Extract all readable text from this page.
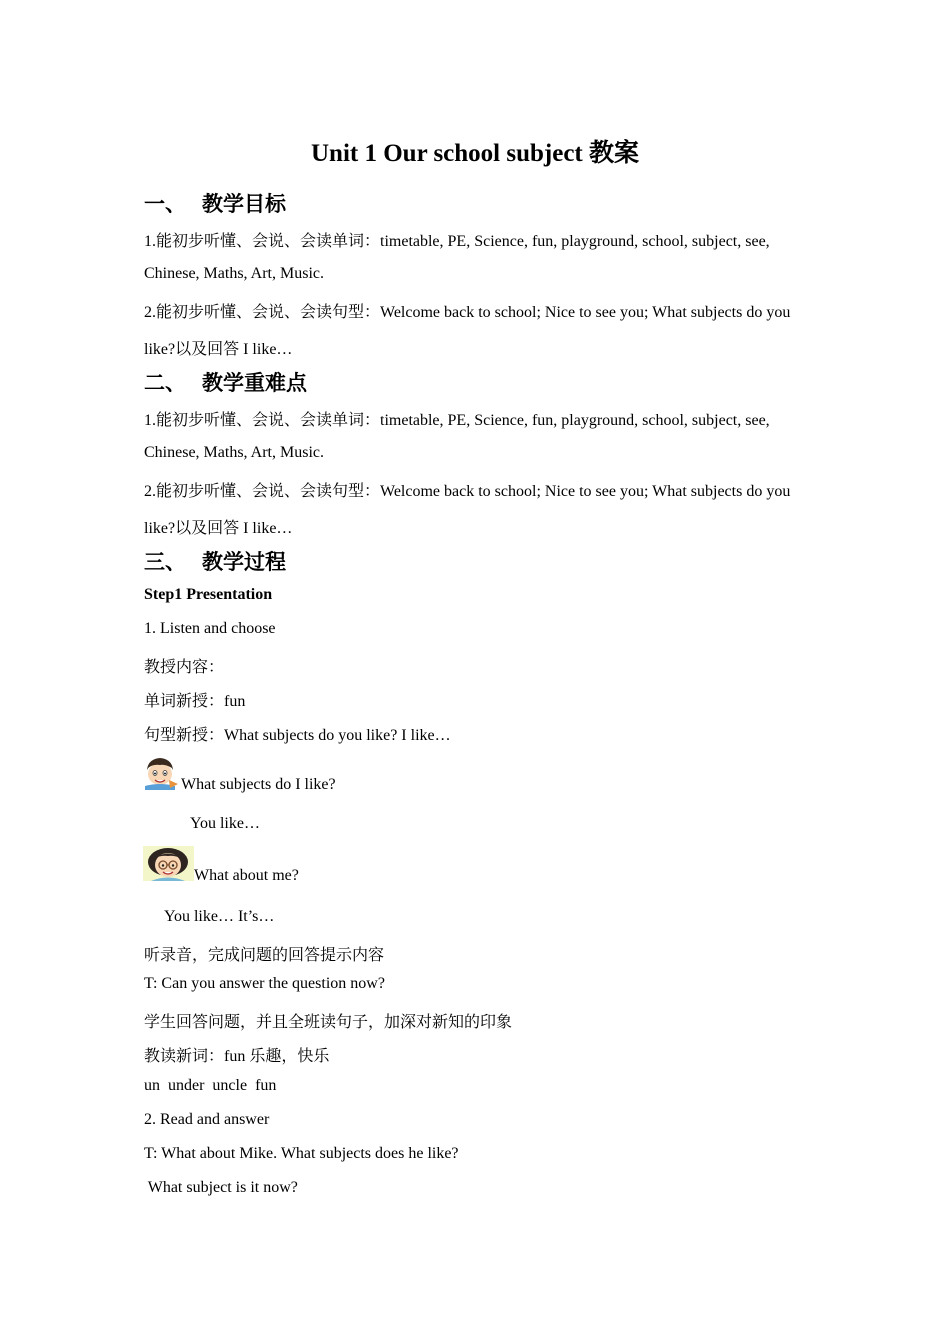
Unit 1 Our school subject 教案
一、 教学目标
1.能初步听懂、会说、会读单词：timetable, PE, Science, fun, playground, school, subject, see,
Chinese, Maths, Art, Music.
2.能初步听懂、会说、会读句型：Welcome back to school; Nice to see you; What subjects do you
like?以及回答 I like…
二、 教学重难点
1.能初步听懂、会说、会读单词：timetable, PE, Science, fun, playground, school, subject, see,
Chinese, Maths, Art, Music.
2.能初步听懂、会说、会读句型：Welcome back to school; Nice to see you; What subjects do you
like?以及回答 I like…
三、 教学过程
Step1 Presentation
1. Listen and choose
教授内容：
单词新授：fun
句型新授：What subjects do you like? I like…
What subjects do I like?
You like…
What about me?
You like… It’s…
听录音，完成问题的回答提示内容
T: Can you answer the question now?
学生回答问题，并且全班读句子，加深对新知的印象
教读新词：fun 乐趣，快乐
un  under  uncle  fun
2. Read and answer
T: What about Mike. What subjects does he like?
What subject is it now?
